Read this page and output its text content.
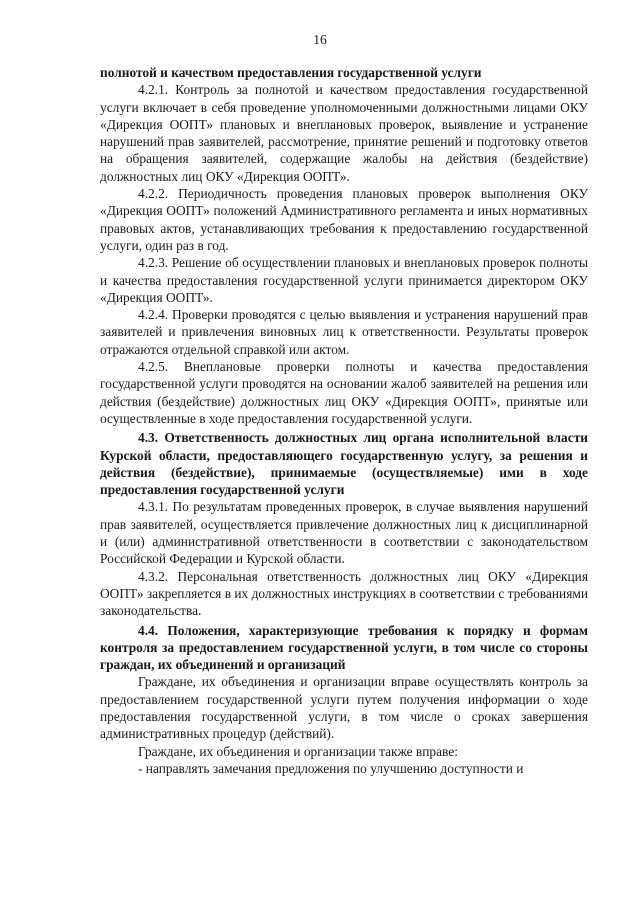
16

полнотой и качеством предоставления государственной услуги

4.2.1. Контроль за полнотой и качеством предоставления государственной услуги включает в себя проведение уполномоченными должностными лицами ОКУ «Дирекция ООПТ» плановых и внеплановых проверок, выявление и устранение нарушений прав заявителей, рассмотрение, принятие решений и подготовку ответов на обращения заявителей, содержащие жалобы на действия (бездействие) должностных лиц ОКУ «Дирекция ООПТ».

4.2.2. Периодичность проведения плановых проверок выполнения ОКУ «Дирекция ООПТ» положений Административного регламента и иных нормативных правовых актов, устанавливающих требования к предоставлению государственной услуги, один раз в год.

4.2.3. Решение об осуществлении плановых и внеплановых проверок полноты и качества предоставления государственной услуги принимается директором ОКУ «Дирекция ООПТ».

4.2.4. Проверки проводятся с целью выявления и устранения нарушений прав заявителей и привлечения виновных лиц к ответственности. Результаты проверок отражаются отдельной справкой или актом.

4.2.5. Внеплановые проверки полноты и качества предоставления государственной услуги проводятся на основании жалоб заявителей на решения или действия (бездействие) должностных лиц ОКУ «Дирекция ООПТ», принятые или осуществленные в ходе предоставления государственной услуги.

4.3. Ответственность должностных лиц органа исполнительной власти Курской области, предоставляющего государственную услугу, за решения и действия (бездействие), принимаемые (осуществляемые) ими в ходе предоставления государственной услуги

4.3.1. По результатам проведенных проверок, в случае выявления нарушений прав заявителей, осуществляется привлечение должностных лиц к дисциплинарной и (или) административной ответственности в соответствии с законодательством Российской Федерации и Курской области.

4.3.2. Персональная ответственность должностных лиц ОКУ «Дирекция ООПТ» закрепляется в их должностных инструкциях в соответствии с требованиями законодательства.

4.4. Положения, характеризующие требования к порядку и формам контроля за предоставлением государственной услуги, в том числе со стороны граждан, их объединений и организаций

Граждане, их объединения и организации вправе осуществлять контроль за предоставлением государственной услуги путем получения информации о ходе предоставления государственной услуги, в том числе о сроках завершения административных процедур (действий).

Граждане, их объединения и организации также вправе:

- направлять замечания предложения по улучшению доступности и
